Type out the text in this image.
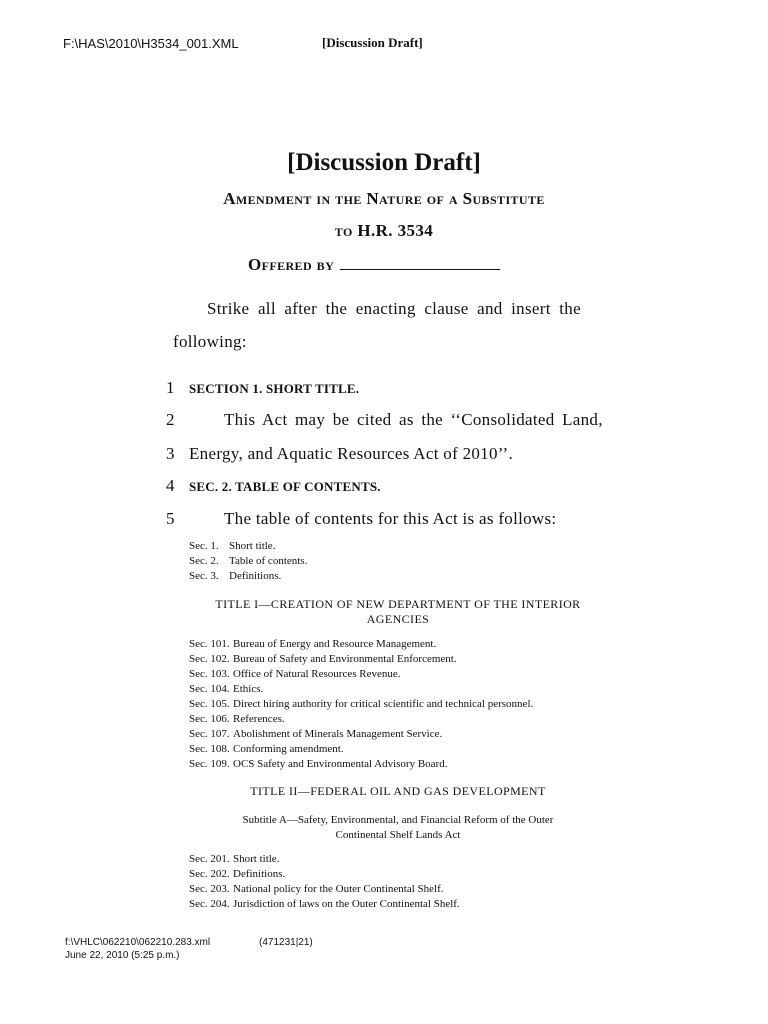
F:\HAS\2010\H3534_001.XML	[Discussion Draft]
[Discussion Draft]
Amendment in the Nature of a Substitute
to H.R. 3534
Offered by
Strike all after the enacting clause and insert the
following:
1
2
3
4
5
SECTION 1. SHORT TITLE.
This Act may be cited as the ‘‘Consolidated Land,
Energy, and Aquatic Resources Act of 2010’’.
SEC. 2. TABLE OF CONTENTS.
The table of contents for this Act is as follows:
Sec. 1. Short title.
Sec. 2. Table of contents.
Sec. 3. Definitions.
TITLE I—CREATION OF NEW DEPARTMENT OF THE INTERIOR
AGENCIES
Sec. 101. Bureau of Energy and Resource Management.
Sec. 102. Bureau of Safety and Environmental Enforcement.
Sec. 103. Office of Natural Resources Revenue.
Sec. 104. Ethics.
Sec. 105. Direct hiring authority for critical scientific and technical personnel.
Sec. 106. References.
Sec. 107. Abolishment of Minerals Management Service.
Sec. 108. Conforming amendment.
Sec. 109. OCS Safety and Environmental Advisory Board.
TITLE II—FEDERAL OIL AND GAS DEVELOPMENT
Subtitle A—Safety, Environmental, and Financial Reform of the Outer
Continental Shelf Lands Act
Sec. 201. Short title.
Sec. 202. Definitions.
Sec. 203. National policy for the Outer Continental Shelf.
Sec. 204. Jurisdiction of laws on the Outer Continental Shelf.
f:\VHLC\062210\062210.283.xml	(471231|21)
June 22, 2010 (5:25 p.m.)
